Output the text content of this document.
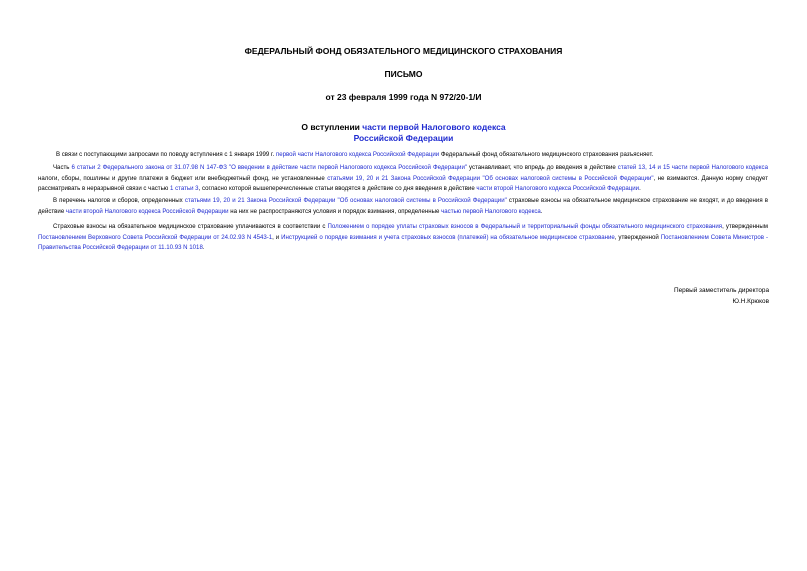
ФЕДЕРАЛЬНЫЙ ФОНД ОБЯЗАТЕЛЬНОГО МЕДИЦИНСКОГО СТРАХОВАНИЯ
ПИСЬМО
от 23 февраля 1999 года N 972/20-1/И
О вступлении части первой Налогового кодекса
Российской Федерации

В связи с поступающими запросами по поводу вступления с 1 января 1999 г. первой части Налогового кодекса Российской Федерации Федеральный фонд обязательного медицинского страхования разъясняет.

Часть 6 статьи 2 Федерального закона от 31.07.98 N 147-ФЗ "О введении в действие части первой Налогового кодекса Российской Федерации" устанавливает, что впредь до введения в действие статей 13, 14 и 15 части первой Налогового кодекса налоги, сборы, пошлины и другие платежи в бюджет или внебюджетный фонд, не установленные статьями 19, 20 и 21 Закона Российской Федерации "Об основах налоговой системы в Российской Федерации", не взимаются. Данную норму следует рассматривать в неразрывной связи с частью 1 статьи 3, согласно которой вышеперечисленные статьи вводятся в действие со дня введения в действие части второй Налогового кодекса Российской Федерации.

В перечень налогов и сборов, определенных статьями 19, 20 и 21 Закона Российской Федерации "Об основах налоговой системы в Российской Федерации" страховые взносы на обязательное медицинское страхование не входят, и до введения в действие части второй Налогового кодекса Российской Федерации на них не распространяются условия и порядок взимания, определенные частью первой Налогового кодекса.

Страховые взносы на обязательное медицинское страхование уплачиваются в соответствии с Положением о порядке уплаты страховых взносов в Федеральный и территориальный фонды обязательного медицинского страхования, утвержденным Постановлением Верховного Совета Российской Федерации от 24.02.93 N 4543-1, и Инструкцией о порядке взимания и учета страховых взносов (платежей) на обязательное медицинское страхование, утвержденной Постановлением Совета Министров - Правительства Российской Федерации от 11.10.93 N 1018.

Первый заместитель директора
Ю.Н.Крюков
